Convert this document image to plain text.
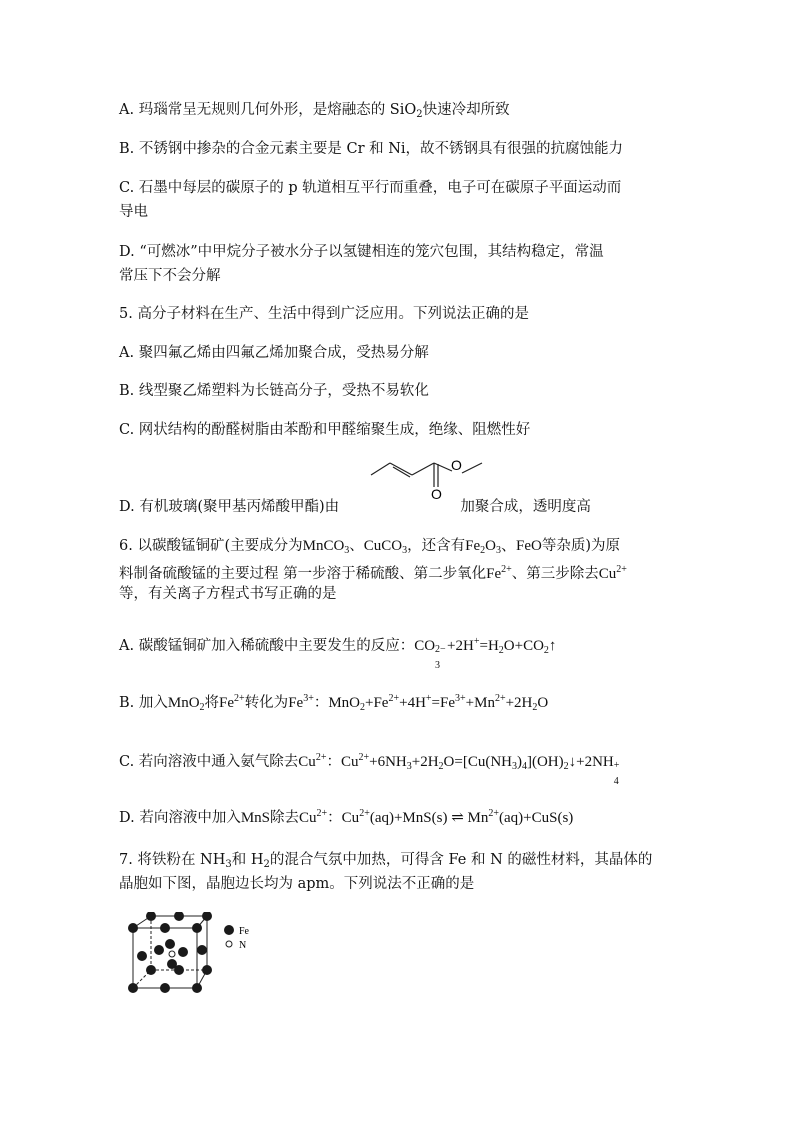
A. 玛瑙常呈无规则几何外形，是熔融态的 SiO$_2$快速冷却所致
B. 不锈钢中掺杂的合金元素主要是 Cr 和 Ni，故不锈钢具有很强的抗腐蚀能力
C. 石墨中每层的碳原子的 p 轨道相互平行而重叠，电子可在碳原子平面运动而
导电
D. “可燃冰”中甲烷分子被水分子以氢键相连的笼穴包围，其结构稳定，常温
常压下不会分解
5. 高分子材料在生产、生活中得到广泛应用。下列说法正确的是
A. 聚四氟乙烯由四氟乙烯加聚合成，受热易分解
B. 线型聚乙烯塑料为长链高分子，受热不易软化
C. 网状结构的酚醛树脂由苯酚和甲醛缩聚生成，绝缘、阻燃性好
O
O
D. 有机玻璃(聚甲基丙烯酸甲酯)由	加聚合成，透明度高
6. 以碳酸锰铜矿(主要成分为MnCO$_3$、CuCO$_3$，还含有$Fe_2O_3$、FeO等杂质)为原
料制备硫酸锰的主要过程 第一步溶于稀硫酸、第二步氧化$Fe^{2+}$、第三步除去$Cu^{2+}$
等，有关离子方程式书写正确的是
A. 碳酸锰铜矿加入稀硫酸中主要发生的反应：CO
3
$2- +2H^+=H_2O+CO_2↑$
B. 加入MnO$_2$将$Fe^{2+}$转化为$Fe^{3+}$：$MnO_2+Fe^{2+}+4H^+=Fe^{3+}+Mn^{2+}+2H_2O$
C. 若向溶液中通入氨气除去$Cu^{2+}$：$Cu^{2+}+6NH_3+2H_2O=[Cu(NH_3)_4](OH)_2↓+2NH$
4
+
D. 若向溶液中加入MnS除去$Cu^{2+}$：$Cu^{2+}(aq)+MnS(s)$ ⇌ $Mn^{2+}(aq)+CuS(s)$
7. 将铁粉在 $NH_3$和 $H_2$的混合气氛中加热，可得含 Fe 和 N 的磁性材料，其晶体的
晶胞如下图，晶胞边长均为 apm。下列说法不正确的是
Fe
N
